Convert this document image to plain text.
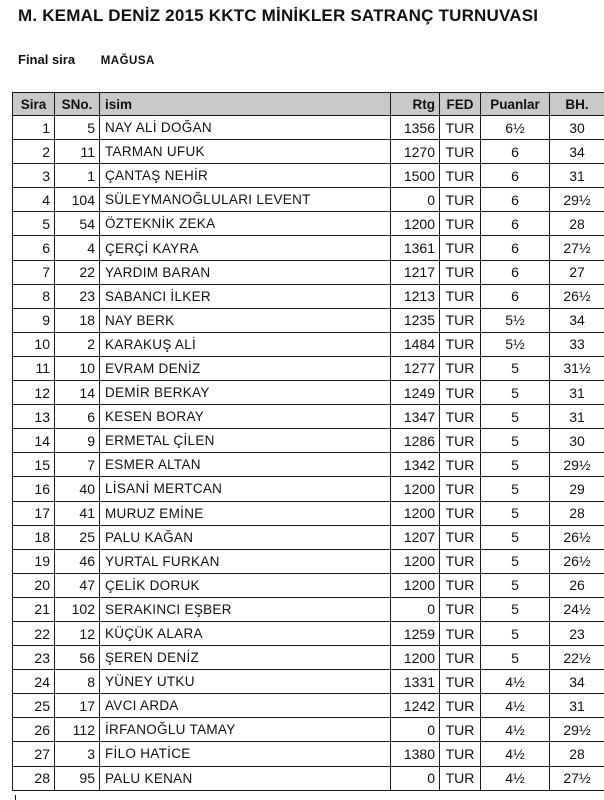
M. KEMAL DENİZ 2015 KKTC MİNİKLER SATRANÇ TURNUVASI
Final sira MAĞUSA
Sira	SNo.	isim	Rtg	FED	Puanlar	BH.
1	5	NAY ALİ DOĞAN	1356	TUR	6½	30
2	11	TARMAN UFUK	1270	TUR	6	34
3	1	ÇANTAŞ NEHİR	1500	TUR	6	31
4	104	SÜLEYMANOĞLULARI LEVENT	0	TUR	6	29½
5	54	ÖZTEKNİK ZEKA	1200	TUR	6	28
6	4	ÇERÇİ KAYRA	1361	TUR	6	27½
7	22	YARDIM BARAN	1217	TUR	6	27
8	23	SABANCI İLKER	1213	TUR	6	26½
9	18	NAY BERK	1235	TUR	5½	34
10	2	KARAKUŞ ALİ	1484	TUR	5½	33
11	10	EVRAM DENİZ	1277	TUR	5	31½
12	14	DEMİR BERKAY	1249	TUR	5	31
13	6	KESEN BORAY	1347	TUR	5	31
14	9	ERMETAL ÇİLEN	1286	TUR	5	30
15	7	ESMER ALTAN	1342	TUR	5	29½
16	40	LİSANİ MERTCAN	1200	TUR	5	29
17	41	MURUZ EMİNE	1200	TUR	5	28
18	25	PALU KAĞAN	1207	TUR	5	26½
19	46	YURTAL FURKAN	1200	TUR	5	26½
20	47	ÇELİK DORUK	1200	TUR	5	26
21	102	SERAKINCI EŞBER	0	TUR	5	24½
22	12	KÜÇÜK ALARA	1259	TUR	5	23
23	56	ŞEREN DENİZ	1200	TUR	5	22½
24	8	YÜNEY UTKU	1331	TUR	4½	34
25	17	AVCI ARDA	1242	TUR	4½	31
26	112	İRFANOĞLU TAMAY	0	TUR	4½	29½
27	3	FİLO HATİCE	1380	TUR	4½	28
28	95	PALU KENAN	0	TUR	4½	27½
